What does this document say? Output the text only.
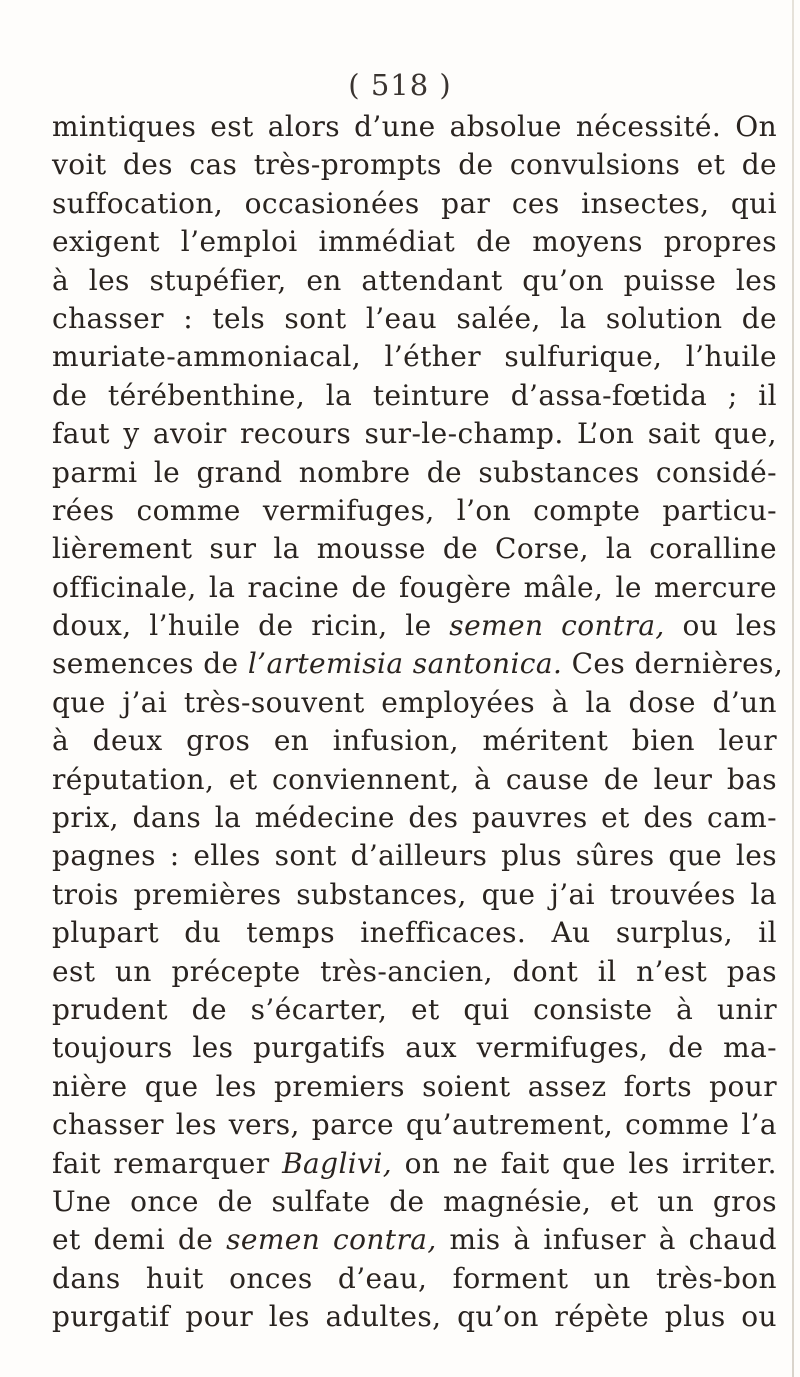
( 518 )
mintiques est alors d’une absolue nécessité. On
voit des cas très-prompts de convulsions et de
suffocation, occasionées par ces insectes, qui
exigent l’emploi immédiat de moyens propres
à les stupéfier, en attendant qu’on puisse les
chasser : tels sont l’eau salée, la solution de
muriate-ammoniacal, l’éther sulfurique, l’huile
de térébenthine, la teinture d’assa-fœtida ; il
faut y avoir recours sur-le-champ. L’on sait que,
parmi le grand nombre de substances considé-
rées comme vermifuges, l’on compte particu-
lièrement sur la mousse de Corse, la coralline
officinale, la racine de fougère mâle, le mercure
doux, l’huile de ricin, le semen contra, ou les
semences de l’artemisia santonica. Ces dernières,
que j’ai très-souvent employées à la dose d’un
à deux gros en infusion, méritent bien leur
réputation, et conviennent, à cause de leur bas
prix, dans la médecine des pauvres et des cam-
pagnes : elles sont d’ailleurs plus sûres que les
trois premières substances, que j’ai trouvées la
plupart du temps inefficaces. Au surplus, il
est un précepte très-ancien, dont il n’est pas
prudent de s’écarter, et qui consiste à unir
toujours les purgatifs aux vermifuges, de ma-
nière que les premiers soient assez forts pour
chasser les vers, parce qu’autrement, comme l’a
fait remarquer Baglivi, on ne fait que les irriter.
Une once de sulfate de magnésie, et un gros
et demi de semen contra, mis à infuser à chaud
dans huit onces d’eau, forment un très-bon
purgatif pour les adultes, qu’on répète plus ou
